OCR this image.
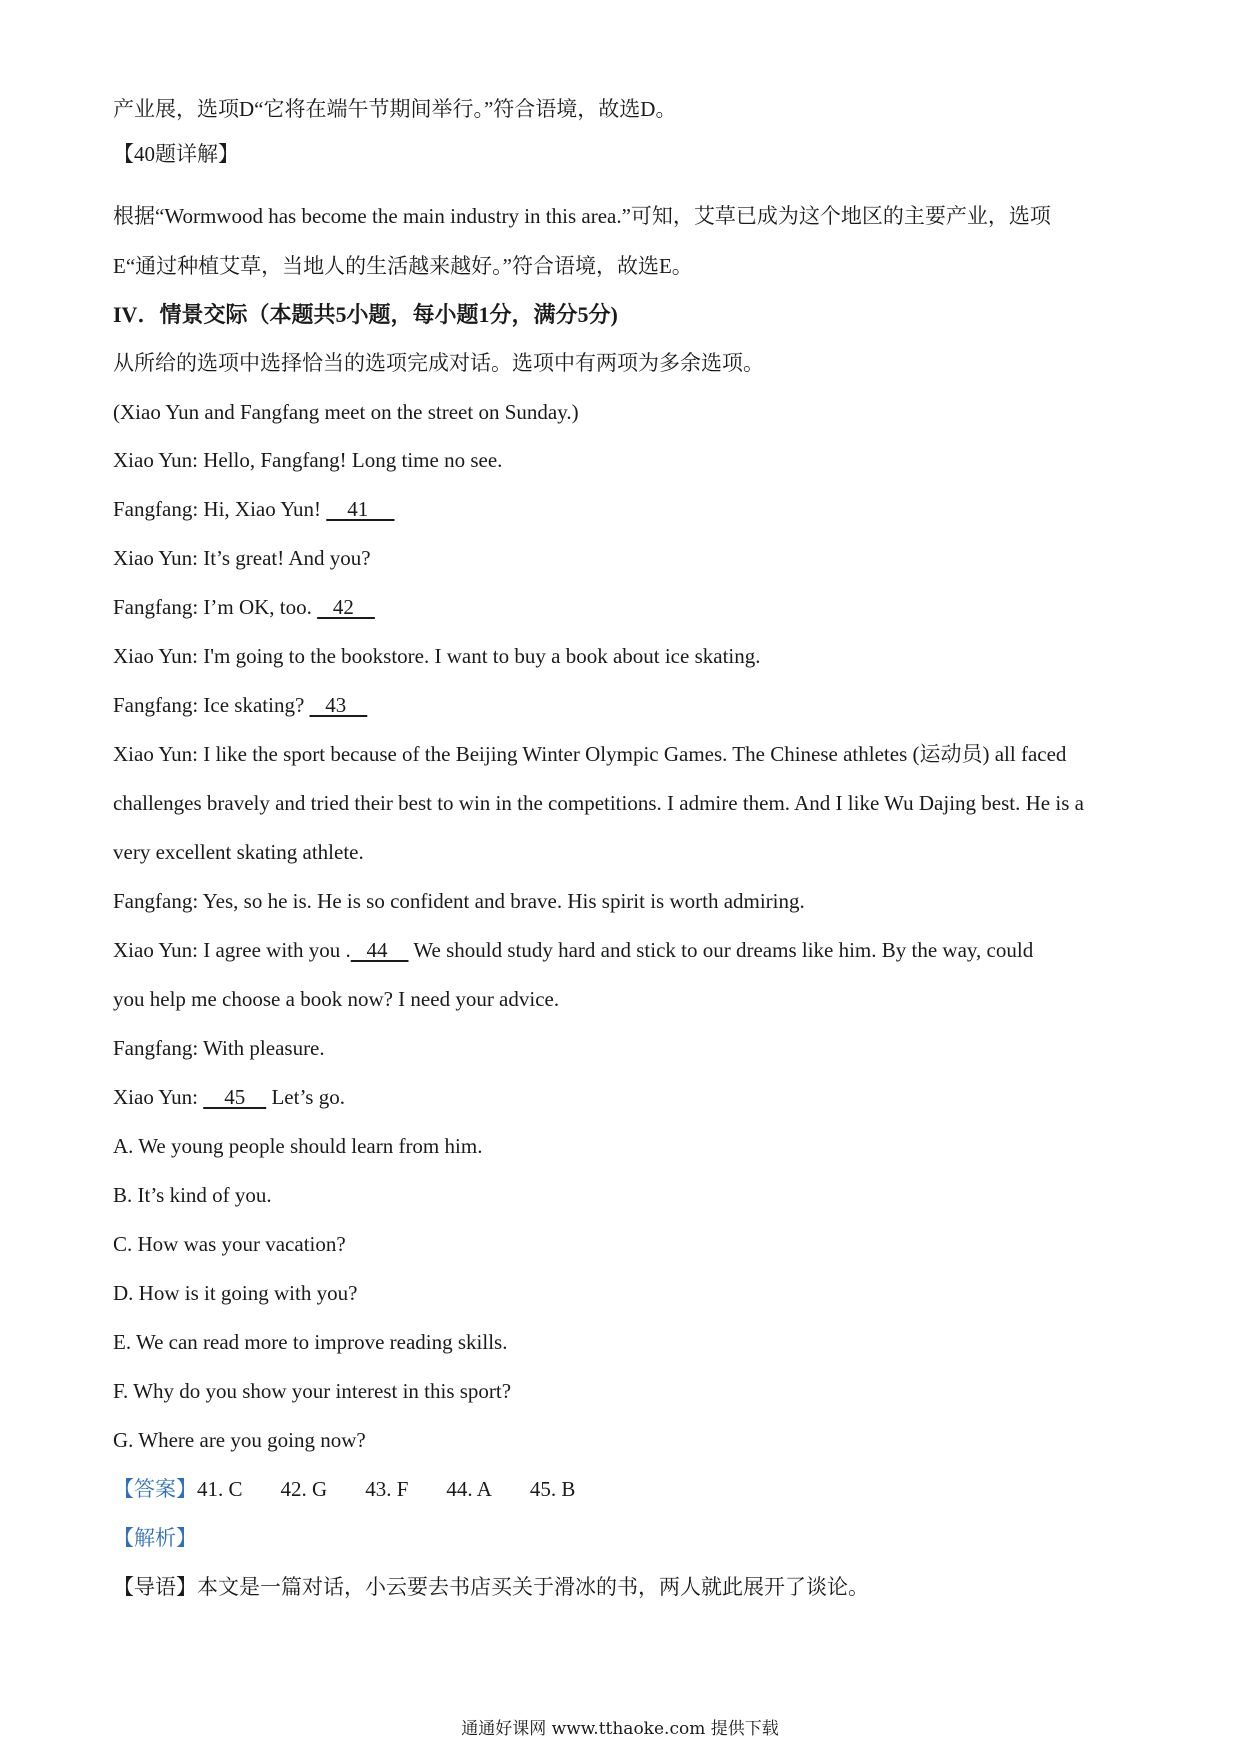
产业展，选项D“它将在端午节期间举行。”符合语境，故选D。
【40题详解】
根据“Wormwood has become the main industry in this area.”可知，艾草已成为这个地区的主要产业，选项
E“通过种植艾草，当地人的生活越来越好。”符合语境，故选E。
IV．情景交际（本题共5小题，每小题1分，满分5分)
从所给的选项中选择恰当的选项完成对话。选项中有两项为多余选项。
(Xiao Yun and Fangfang meet on the street on Sunday.)
Xiao Yun: Hello, Fangfang! Long time no see.
Fangfang: Hi, Xiao Yun!     41
Xiao Yun: It’s great! And you?
Fangfang: I’m OK, too.    42
Xiao Yun: I'm going to the bookstore. I want to buy a book about ice skating.
Fangfang: Ice skating?    43
Xiao Yun: I like the sport because of the Beijing Winter Olympic Games. The Chinese athletes (运动员) all faced
challenges bravely and tried their best to win in the competitions. I admire them. And I like Wu Dajing best. He is a
very excellent skating athlete.
Fangfang: Yes, so he is. He is so confident and brave. His spirit is worth admiring.
Xiao Yun: I agree with you .   44     We should study hard and stick to our dreams like him. By the way, could
you help me choose a book now? I need your advice.
Fangfang: With pleasure.
Xiao Yun:     45     Let’s go.
A. We young people should learn from him.
B. It’s kind of you.
C. How was your vacation?
D. How is it going with you?
E. We can read more to improve reading skills.
F. Why do you show your interest in this sport?
G. Where are you going now?
【答案】41. C 42. G 43. F 44. A 45. B
【解析】
【导语】本文是一篇对话，小云要去书店买关于滑冰的书，两人就此展开了谈论。
通通好课网 www.tthaoke.com 提供下载
